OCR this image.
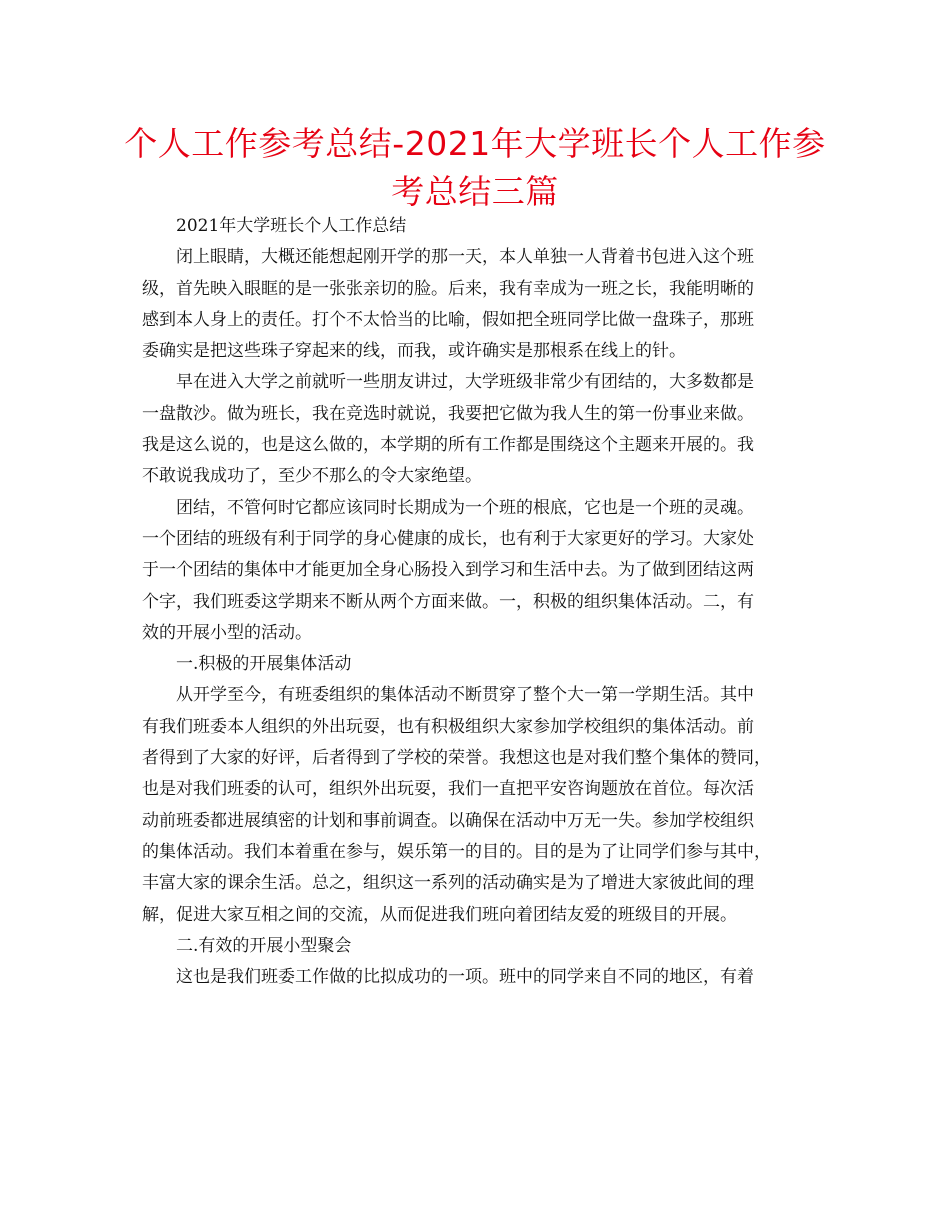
个人工作参考总结-2021年大学班长个人工作参
考总结三篇
2021年大学班长个人工作总结
闭上眼睛，大概还能想起刚开学的那一天，本人单独一人背着书包进入这个班
级，首先映入眼眶的是一张张亲切的脸。后来，我有幸成为一班之长，我能明晰的
感到本人身上的责任。打个不太恰当的比喻，假如把全班同学比做一盘珠子，那班
委确实是把这些珠子穿起来的线，而我，或许确实是那根系在线上的针。
早在进入大学之前就听一些朋友讲过，大学班级非常少有团结的，大多数都是
一盘散沙。做为班长，我在竞选时就说，我要把它做为我人生的第一份事业来做。
我是这么说的，也是这么做的，本学期的所有工作都是围绕这个主题来开展的。我
不敢说我成功了，至少不那么的令大家绝望。
团结，不管何时它都应该同时长期成为一个班的根底，它也是一个班的灵魂。
一个团结的班级有利于同学的身心健康的成长，也有利于大家更好的学习。大家处
于一个团结的集体中才能更加全身心肠投入到学习和生活中去。为了做到团结这两
个字，我们班委这学期来不断从两个方面来做。一，积极的组织集体活动。二，有
效的开展小型的活动。
一.积极的开展集体活动
从开学至今，有班委组织的集体活动不断贯穿了整个大一第一学期生活。其中
有我们班委本人组织的外出玩耍，也有积极组织大家参加学校组织的集体活动。前
者得到了大家的好评，后者得到了学校的荣誉。我想这也是对我们整个集体的赞同，
也是对我们班委的认可，组织外出玩耍，我们一直把平安咨询题放在首位。每次活
动前班委都进展缜密的计划和事前调查。以确保在活动中万无一失。参加学校组织
的集体活动。我们本着重在参与，娱乐第一的目的。目的是为了让同学们参与其中，
丰富大家的课余生活。总之，组织这一系列的活动确实是为了增进大家彼此间的理
解，促进大家互相之间的交流，从而促进我们班向着团结友爱的班级目的开展。
二.有效的开展小型聚会
这也是我们班委工作做的比拟成功的一项。班中的同学来自不同的地区，有着
